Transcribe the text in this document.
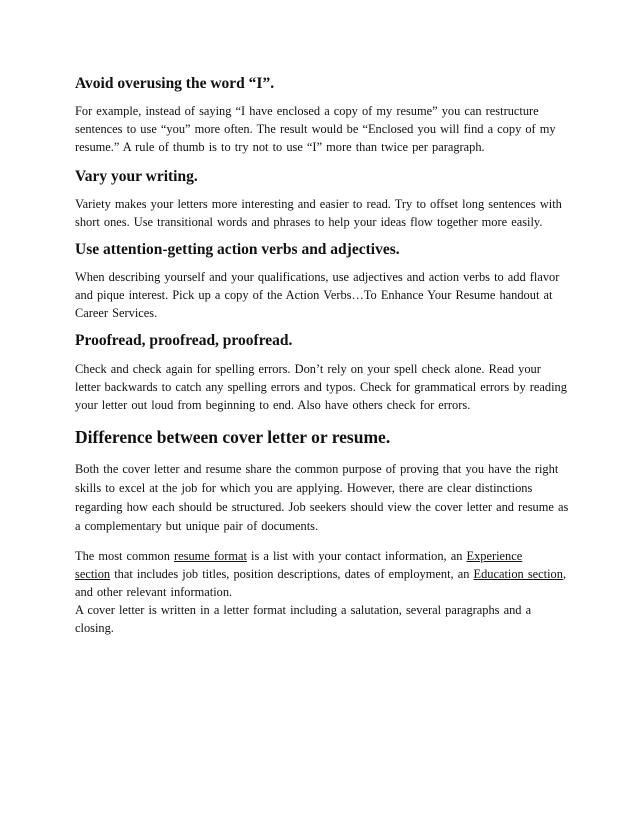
Avoid overusing the word “I”.

For example, instead of saying “I have enclosed a copy of my resume” you can restructure
sentences to use “you” more often. The result would be “Enclosed you will find a copy of my
resume.” A rule of thumb is to try not to use “I” more than twice per paragraph.

Vary your writing.

Variety makes your letters more interesting and easier to read. Try to offset long sentences with
short ones. Use transitional words and phrases to help your ideas flow together more easily.

Use attention-getting action verbs and adjectives.

When describing yourself and your qualifications, use adjectives and action verbs to add flavor
and pique interest. Pick up a copy of the Action Verbs…To Enhance Your Resume handout at
Career Services.

Proofread, proofread, proofread.

Check and check again for spelling errors. Don’t rely on your spell check alone. Read your
letter backwards to catch any spelling errors and typos. Check for grammatical errors by reading
your letter out loud from beginning to end. Also have others check for errors.

Difference between cover letter or resume.

Both the cover letter and resume share the common purpose of proving that you have the right
skills to excel at the job for which you are applying. However, there are clear distinctions
regarding how each should be structured. Job seekers should view the cover letter and resume as
a complementary but unique pair of documents.

The most common resume format is a list with your contact information, an Experience
section that includes job titles, position descriptions, dates of employment, an Education section,
and other relevant information.

A cover letter is written in a letter format including a salutation, several paragraphs and a
closing.
